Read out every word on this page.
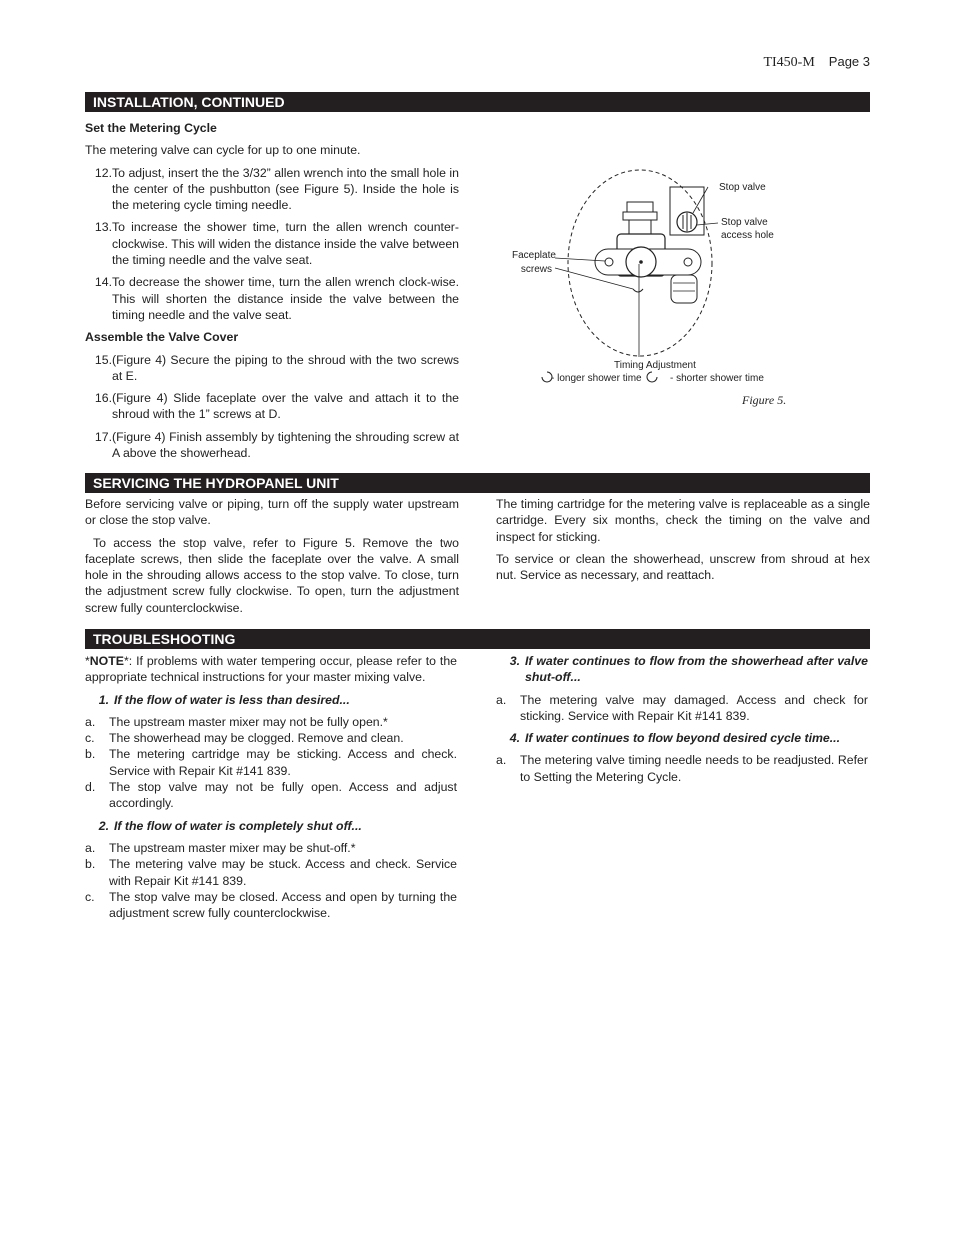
TI450-M Page 3
INSTALLATION, CONTINUED
Set the Metering Cycle

The metering valve can cycle for up to one minute.

12. To adjust, insert the the 3/32” allen wrench into the small hole in the center of the pushbutton (see Figure 5). Inside the hole is the metering cycle timing needle.
13. To increase the shower time, turn the allen wrench counter-clockwise. This will widen the distance inside the valve between the timing needle and the valve seat.
14. To decrease the shower time, turn the allen wrench clock-wise. This will shorten the distance inside the valve between the timing needle and the valve seat.
Assemble the Valve Cover
15. (Figure 4) Secure the piping to the shroud with the two screws at E.
16. (Figure 4) Slide faceplate over the valve and attach it to the shroud with the 1” screws at D.
17. (Figure 4) Finish assembly by tightening the shrouding screw at A above the showerhead.
Stop valve
Stop valve
access hole
Faceplate
screws
Timing Adjustment
- longer shower time	- shorter shower time
Figure 5.
SERVICING THE HYDROPANEL UNIT

Before servicing valve or piping, turn off the supply water upstream or close the stop valve.

To access the stop valve, refer to Figure 5. Remove the two faceplate screws, then slide the faceplate over the valve. A small hole in the shrouding allows access to the stop valve. To close, turn the adjustment screw fully clockwise. To open, turn the adjustment screw fully counterclockwise.

The timing cartridge for the metering valve is replaceable as a single cartridge. Every six months, check the timing on the valve and inspect for sticking.

To service or clean the showerhead, unscrew from shroud at hex nut. Service as necessary, and reattach.

TROUBLESHOOTING

*NOTE*: If problems with water tempering occur, please refer to the appropriate technical instructions for your master mixing valve.

1. If the flow of water is less than desired...
a.	The upstream master mixer may not be fully open.*
c.	The showerhead may be clogged. Remove and clean.
b.	The metering cartridge may be sticking. Access and check. Service with Repair Kit #141 839.
d.	The stop valve may not be fully open. Access and adjust accordingly.
2. If the flow of water is completely shut off...
a.	The upstream master mixer may be shut-off.*
b.	The metering valve may be stuck. Access and check. Service with Repair Kit #141 839.
c.	The stop valve may be closed. Access and open by turning the adjustment screw fully counterclockwise.
3. If water continues to flow from the showerhead after valve shut-off...
a.	The metering valve may damaged. Access and check for sticking. Service with Repair Kit #141 839.
4. If water continues to flow beyond desired cycle time...
a.	The metering valve timing needle needs to be readjusted. Refer to Setting the Metering Cycle.
